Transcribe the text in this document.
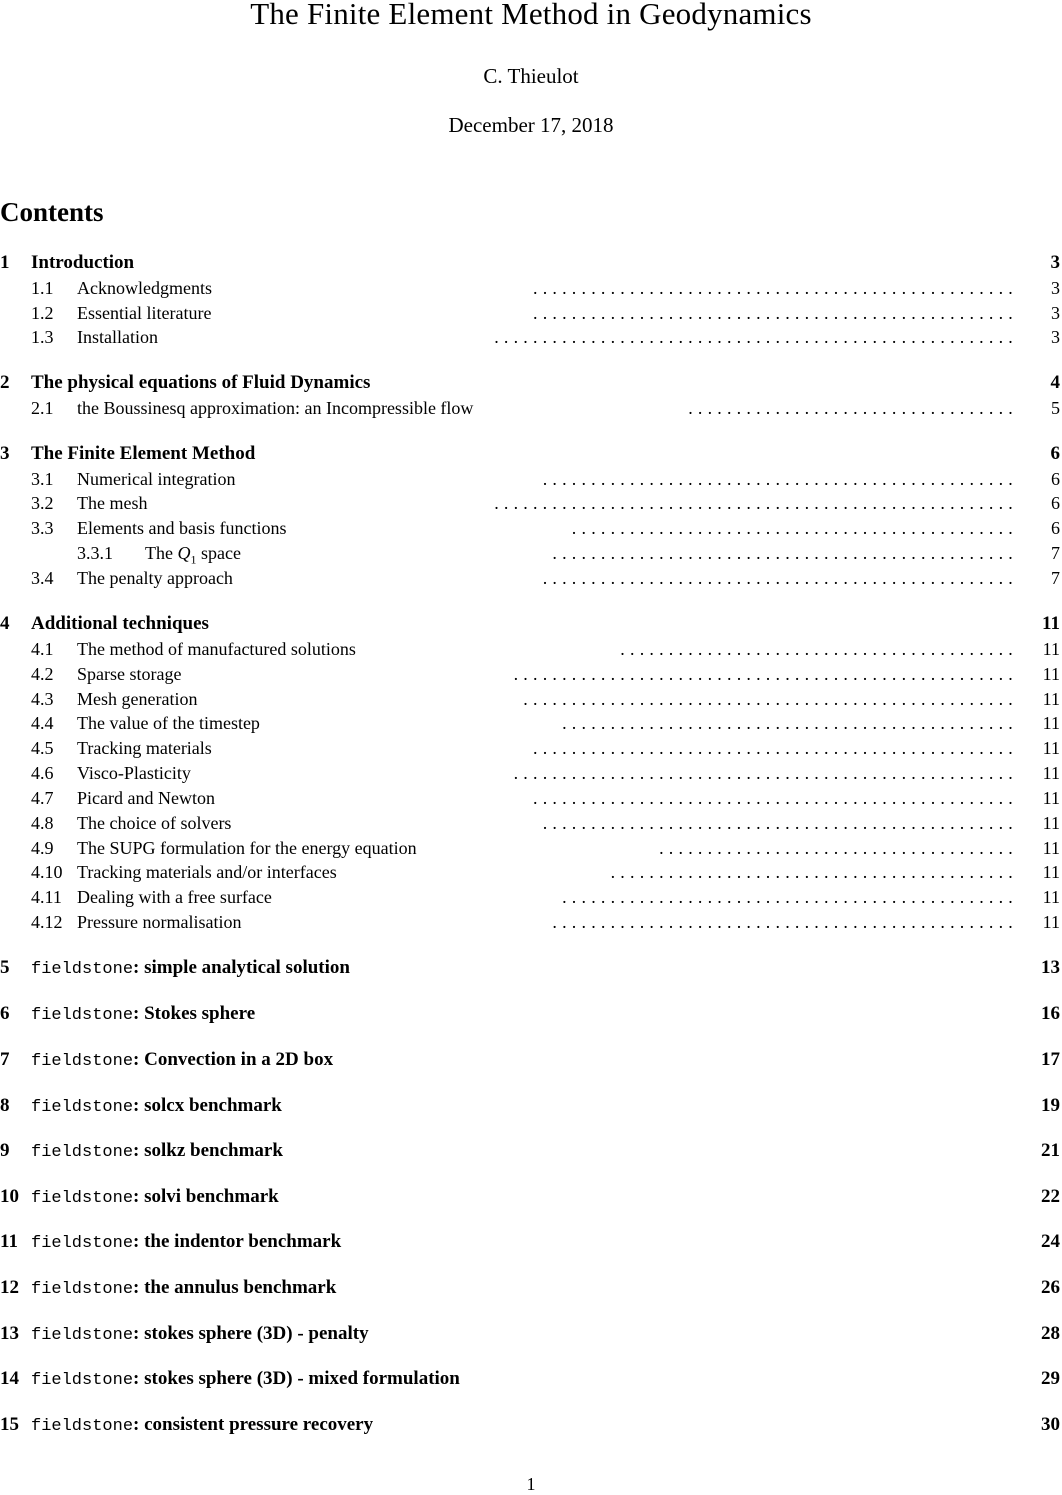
The Finite Element Method in Geodynamics
C. Thieulot
December 17, 2018
Contents
1 Introduction	3
1.1 Acknowledgments	3
..................................................
1.2 Essential literature	3
..................................................
1.3 Installation	3
......................................................
2 The physical equations of Fluid Dynamics	4
2.1 the Boussinesq approximation: an Incompressible flow	5
..................................
3 The Finite Element Method	6
3.1 Numerical integration	6
.................................................
3.2 The mesh	6
......................................................
3.3 Elements and basis functions	6
..............................................
3.3.1 The $Q_1$ space	7
................................................
3.4 The penalty approach	7
.................................................
4 Additional techniques	11
4.1 The method of manufactured solutions	11
.........................................
4.2 Sparse storage	11
....................................................
4.3 Mesh generation	11
...................................................
4.4 The value of the timestep	11
...............................................
4.5 Tracking materials	11
..................................................
4.6 Visco-Plasticity	11
....................................................
4.7 Picard and Newton	11
..................................................
4.8 The choice of solvers	11
.................................................
4.9 The SUPG formulation for the energy equation	11
.....................................
4.10 Tracking materials and/or interfaces	11
..........................................
4.11 Dealing with a free surface	11
...............................................
4.12 Pressure normalisation	11
................................................
5 fieldstone: simple analytical solution	13
6 fieldstone: Stokes sphere	16
7 fieldstone: Convection in a 2D box	17
8 fieldstone: solcx benchmark	19
9 fieldstone: solkz benchmark	21
10 fieldstone: solvi benchmark	22
11 fieldstone: the indentor benchmark	24
12 fieldstone: the annulus benchmark	26
13 fieldstone: stokes sphere (3D) - penalty	28
14 fieldstone: stokes sphere (3D) - mixed formulation	29
15 fieldstone: consistent pressure recovery	30
1
